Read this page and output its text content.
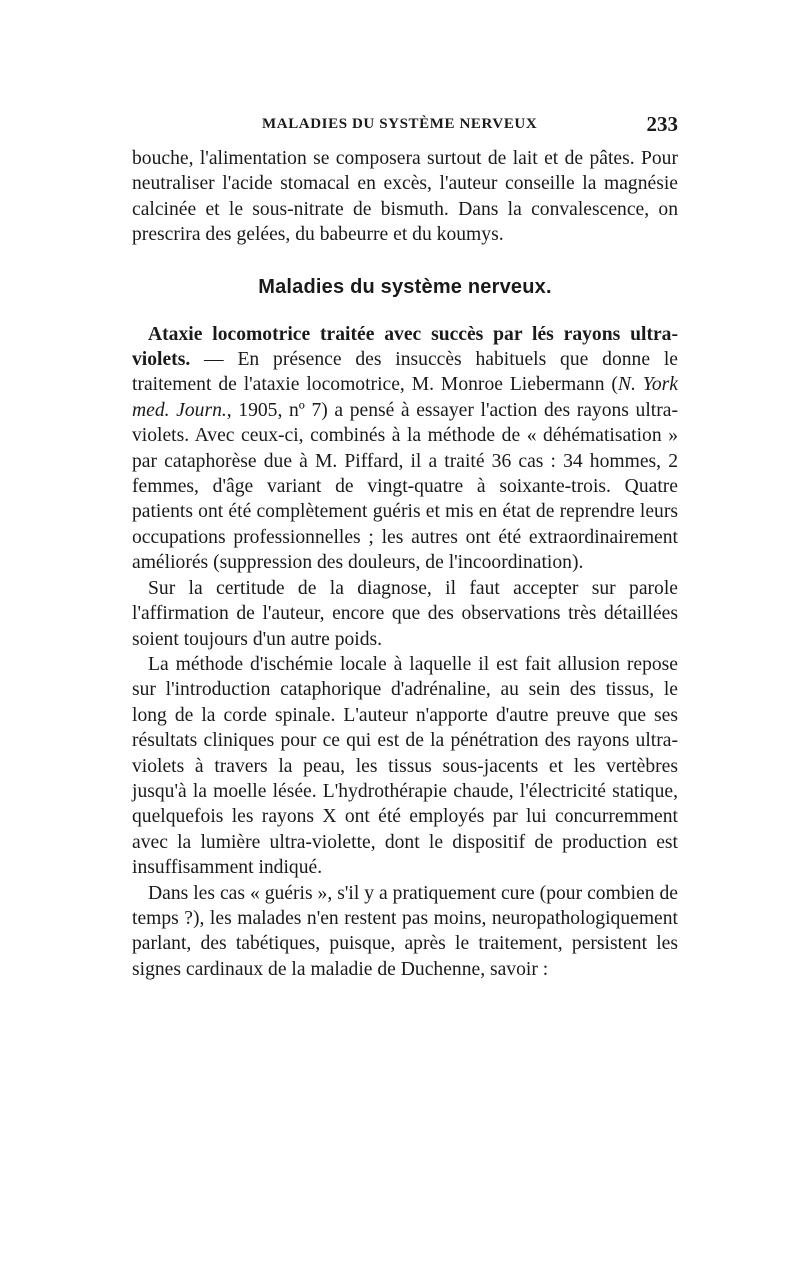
MALADIES DU SYSTÈME NERVEUX	233

bouche, l'alimentation se composera surtout de lait et de pâtes. Pour neutraliser l'acide stomacal en excès, l'auteur conseille la magnésie calcinée et le sous-nitrate de bismuth. Dans la convalescence, on prescrira des gelées, du babeurre et du koumys.

Maladies du système nerveux.

Ataxie locomotrice traitée avec succès par lés rayons ultra-violets. — En présence des insuccès habituels que donne le traitement de l'ataxie locomotrice, M. Monroe Liebermann (N. York med. Journ., 1905, nº 7) a pensé à essayer l'action des rayons ultra-violets. Avec ceux-ci, combinés à la méthode de « déhématisation » par cataphorèse due à M. Piffard, il a traité 36 cas : 34 hommes, 2 femmes, d'âge variant de vingt-quatre à soixante-trois. Quatre patients ont été complètement guéris et mis en état de reprendre leurs occupations professionnelles ; les autres ont été extraordinairement améliorés (suppression des douleurs, de l'incoordination).

Sur la certitude de la diagnose, il faut accepter sur parole l'affirmation de l'auteur, encore que des observations très détaillées soient toujours d'un autre poids.

La méthode d'ischémie locale à laquelle il est fait allusion repose sur l'introduction cataphorique d'adrénaline, au sein des tissus, le long de la corde spinale. L'auteur n'apporte d'autre preuve que ses résultats cliniques pour ce qui est de la pénétration des rayons ultra-violets à travers la peau, les tissus sous-jacents et les vertèbres jusqu'à la moelle lésée. L'hydrothérapie chaude, l'électricité statique, quelquefois les rayons X ont été employés par lui concurremment avec la lumière ultra-violette, dont le dispositif de production est insuffisamment indiqué.

Dans les cas « guéris », s'il y a pratiquement cure (pour combien de temps ?), les malades n'en restent pas moins, neuropathologiquement parlant, des tabétiques, puisque, après le traitement, persistent les signes cardinaux de la maladie de Duchenne, savoir :
